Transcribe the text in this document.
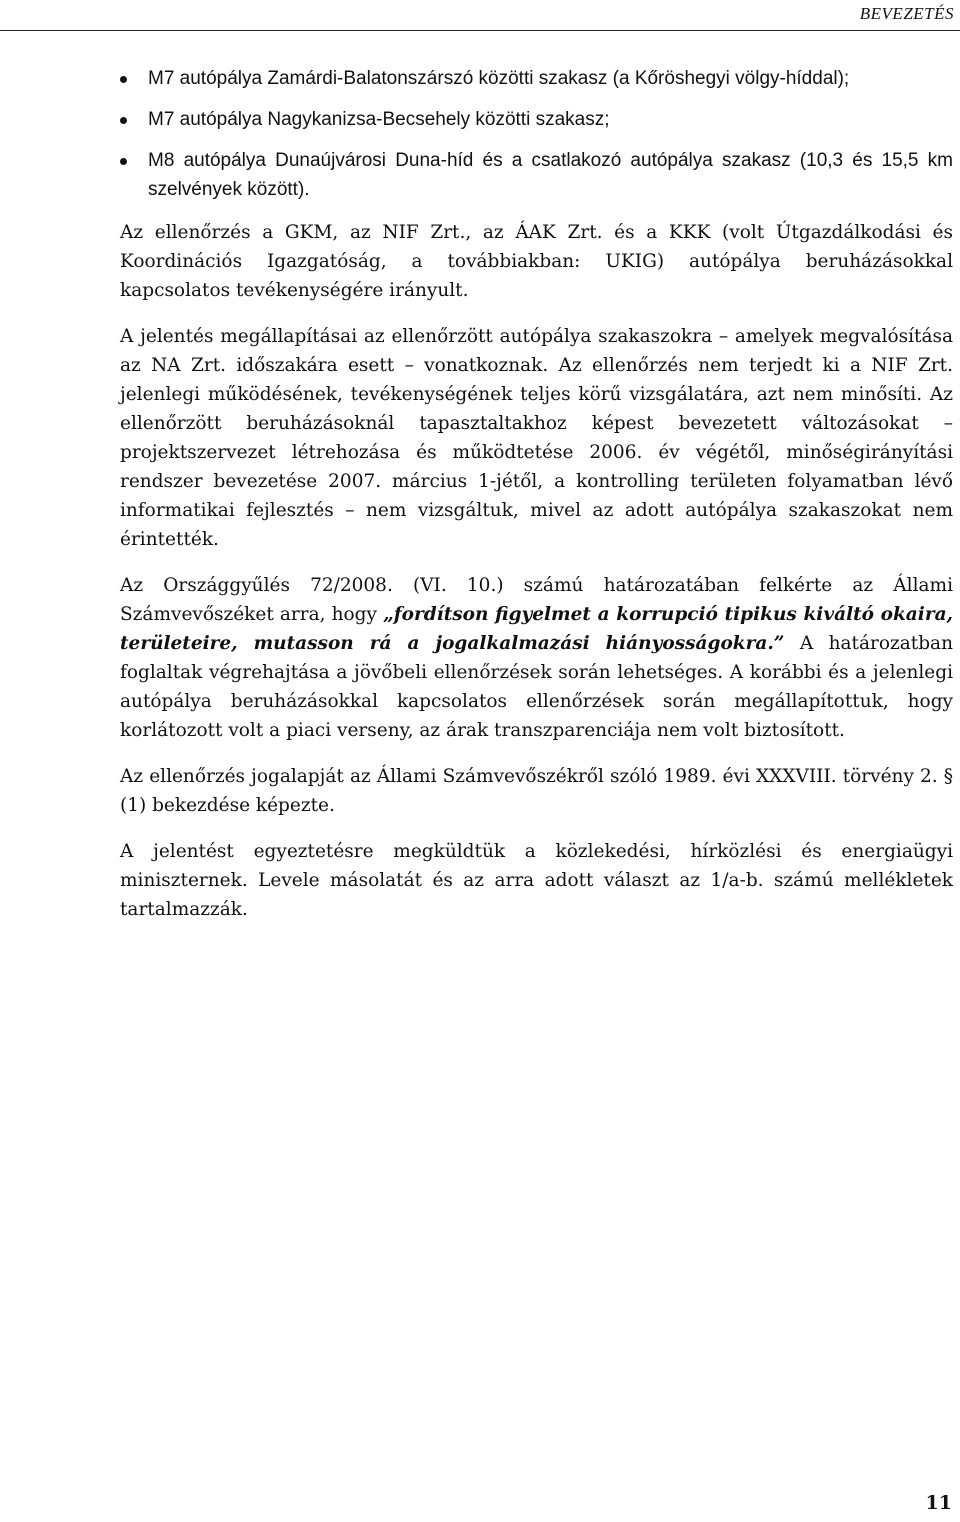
BEVEZETÉS
M7 autópálya Zamárdi-Balatonszárszó közötti szakasz (a Kőröshegyi völgy-híddal);
M7 autópálya Nagykanizsa-Becsehely közötti szakasz;
M8 autópálya Dunaújvárosi Duna-híd és a csatlakozó autópálya szakasz (10,3 és 15,5 km szelvények között).

Az ellenőrzés a GKM, az NIF Zrt., az ÁAK Zrt. és a KKK (volt Útgazdálkodási és Koordinációs Igazgatóság, a továbbiakban: UKIG) autópálya beruházásokkal kapcsolatos tevékenységére irányult.

A jelentés megállapításai az ellenőrzött autópálya szakaszokra – amelyek megvalósítása az NA Zrt. időszakára esett – vonatkoznak. Az ellenőrzés nem terjedt ki a NIF Zrt. jelenlegi működésének, tevékenységének teljes körű vizsgálatára, azt nem minősíti. Az ellenőrzött beruházásoknál tapasztaltakhoz képest bevezetett változásokat – projektszervezet létrehozása és működtetése 2006. év végétől, minőségirányítási rendszer bevezetése 2007. március 1-jétől, a kontrolling területen folyamatban lévő informatikai fejlesztés – nem vizsgáltuk, mivel az adott autópálya szakaszokat nem érintették.

Az Országgyűlés 72/2008. (VI. 10.) számú határozatában felkérte az Állami Számvevőszéket arra, hogy „fordítson figyelmet a korrupció tipikus kiváltó okaira, területeire, mutasson rá a jogalkalmazási hiányosságokra.” A határozatban foglaltak végrehajtása a jövőbeli ellenőrzések során lehetséges. A korábbi és a jelenlegi autópálya beruházásokkal kapcsolatos ellenőrzések során megállapítottuk, hogy korlátozott volt a piaci verseny, az árak transzparenciája nem volt biztosított.

Az ellenőrzés jogalapját az Állami Számvevőszékről szóló 1989. évi XXXVIII. törvény 2. § (1) bekezdése képezte.

A jelentést egyeztetésre megküldtük a közlekedési, hírközlési és energiaügyi miniszternek. Levele másolatát és az arra adott választ az 1/a-b. számú mellékletek tartalmazzák.

11
